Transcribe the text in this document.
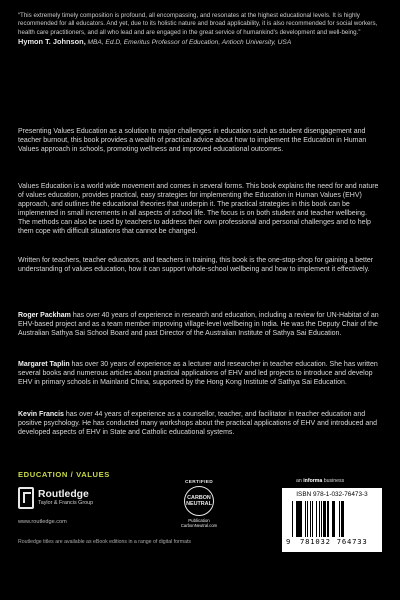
“This extremely timely composition is profound, all encompassing, and resonates at the highest educational levels. It is highly recommended for all educators. And yet, due to its holistic nature and broad applicability, it is also recommended for social workers, health care practitioners, and all who lead and are engaged in the great service of humankind's development and well-being.”
Hymon T. Johnson, MBA, Ed.D, Emeritus Professor of Education, Antioch University, USA
Presenting Values Education as a solution to major challenges in education such as student disengagement and teacher burnout, this book provides a wealth of practical advice about how to implement the Education in Human Values approach in schools, promoting wellness and improved educational outcomes.
Values Education is a world wide movement and comes in several forms. This book explains the need for and nature of values education, provides practical, easy strategies for implementing the Education in Human Values (EHV) approach, and outlines the educational theories that underpin it. The practical strategies in this book can be implemented in small increments in all aspects of school life. The focus is on both student and teacher wellbeing. The methods can also be used by teachers to address their own professional and personal challenges and to help them cope with difficult situations that cannot be changed.
Written for teachers, teacher educators, and teachers in training, this book is the one-stop-shop for gaining a better understanding of values education, how it can support whole-school wellbeing and how to implement it effectively.
Roger Packham has over 40 years of experience in research and education, including a review for UN-Habitat of an EHV-based project and as a team member improving village-level wellbeing in India. He was the Deputy Chair of the Australian Sathya Sai School Board and past Director of the Australian Institute of Sathya Sai Education.
Margaret Taplin has over 30 years of experience as a lecturer and researcher in teacher education. She has written several books and numerous articles about practical applications of EHV and led projects to introduce and develop EHV in primary schools in Mainland China, supported by the Hong Kong Institute of Sathya Sai Education.
Kevin Francis has over 44 years of experience as a counsellor, teacher, and facilitator in teacher education and positive psychology. He has conducted many workshops about the practical applications of EHV and introduced and developed aspects of EHV in State and Catholic educational systems.
EDUCATION / VALUES
Routledge
Taylor & Francis Group
www.routledge.com
Routledge titles are available as eBook editions in a range of digital formats
CERTIFIED
CARBON
NEUTRAL
Publication
CarbonNeutral.com
an informa business
ISBN 978-1-032-76473-3
9	781032 764733
